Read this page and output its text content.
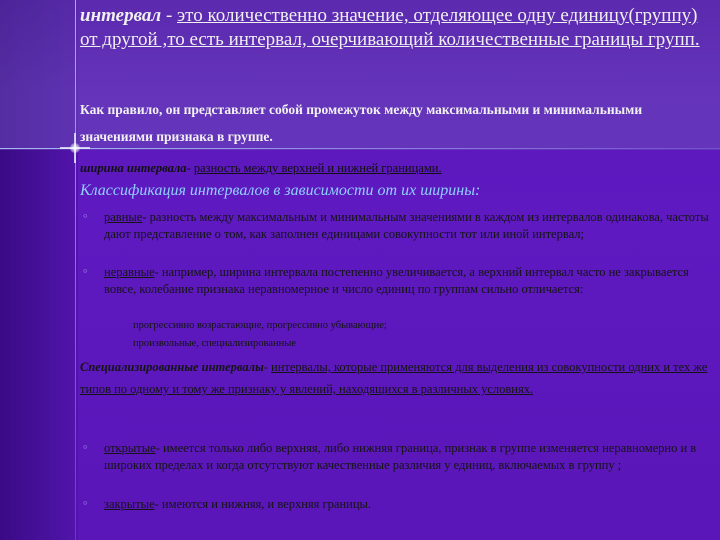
интервал - это количественно значение, отделяющее одну единицу(группу) от другой ,то есть интервал, очерчивающий количественные границы групп.
Как правило, он представляет собой промежуток между максимальными и минимальными значениями признака в группе.
ширина интервала- разность между верхней и нижней границами.
Классификация интервалов в зависимости от их ширины:
◦ равные- разность между максимальным и минимальным значениями в каждом из интервалов одинакова, частоты дают представление о том, как заполнен единицами совокупности тот или иной интервал;
◦ неравные- например, ширина интервала постепенно увеличивается, а верхний интервал часто не закрывается вовсе, колебание признака неравномерное и число единиц по группам сильно отличается:
прогрессивно возрастающие, прогрессивно убывающие;
произвольные, специализированные
Специализированные интервалы- интервалы, которые применяются для выделения из совокупности одних и тех же типов по одному и тому же признаку у явлений, находящихся в различных условиях.
◦ открытые- имеется только либо верхняя, либо нижняя граница, признак в группе изменяется неравномерно и в широких пределах и когда отсутствуют качественные различия у единиц, включаемых в группу ;
◦ закрытые- имеются и нижняя, и верхняя границы.
